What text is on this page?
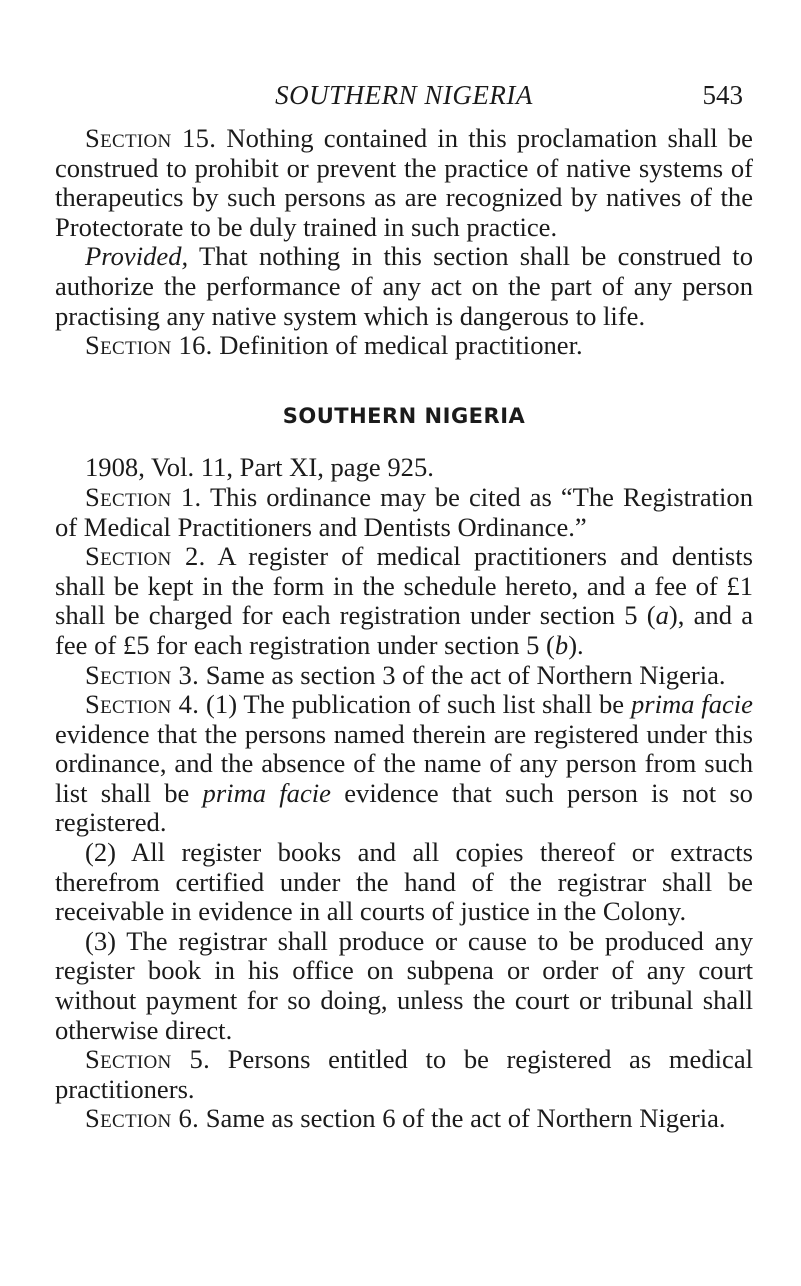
SOUTHERN NIGERIA	543

Section 15. Nothing contained in this proclamation shall be construed to prohibit or prevent the practice of native systems of therapeutics by such persons as are recognized by natives of the Protectorate to be duly trained in such practice.

Provided, That nothing in this section shall be construed to authorize the performance of any act on the part of any person practising any native system which is dangerous to life.

Section 16. Definition of medical practitioner.

SOUTHERN NIGERIA

1908, Vol. 11, Part XI, page 925.

Section 1. This ordinance may be cited as “The Registration of Medical Practitioners and Dentists Ordinance.”

Section 2. A register of medical practitioners and dentists shall be kept in the form in the schedule hereto, and a fee of £1 shall be charged for each registration under section 5 (a), and a fee of £5 for each registration under section 5 (b).

Section 3. Same as section 3 of the act of Northern Nigeria.

Section 4. (1) The publication of such list shall be prima facie evidence that the persons named therein are registered under this ordinance, and the absence of the name of any person from such list shall be prima facie evidence that such person is not so registered.

(2) All register books and all copies thereof or extracts therefrom certified under the hand of the registrar shall be receivable in evidence in all courts of justice in the Colony.

(3) The registrar shall produce or cause to be produced any register book in his office on subpena or order of any court without payment for so doing, unless the court or tribunal shall otherwise direct.

Section 5. Persons entitled to be registered as medical practitioners.

Section 6. Same as section 6 of the act of Northern Nigeria.
